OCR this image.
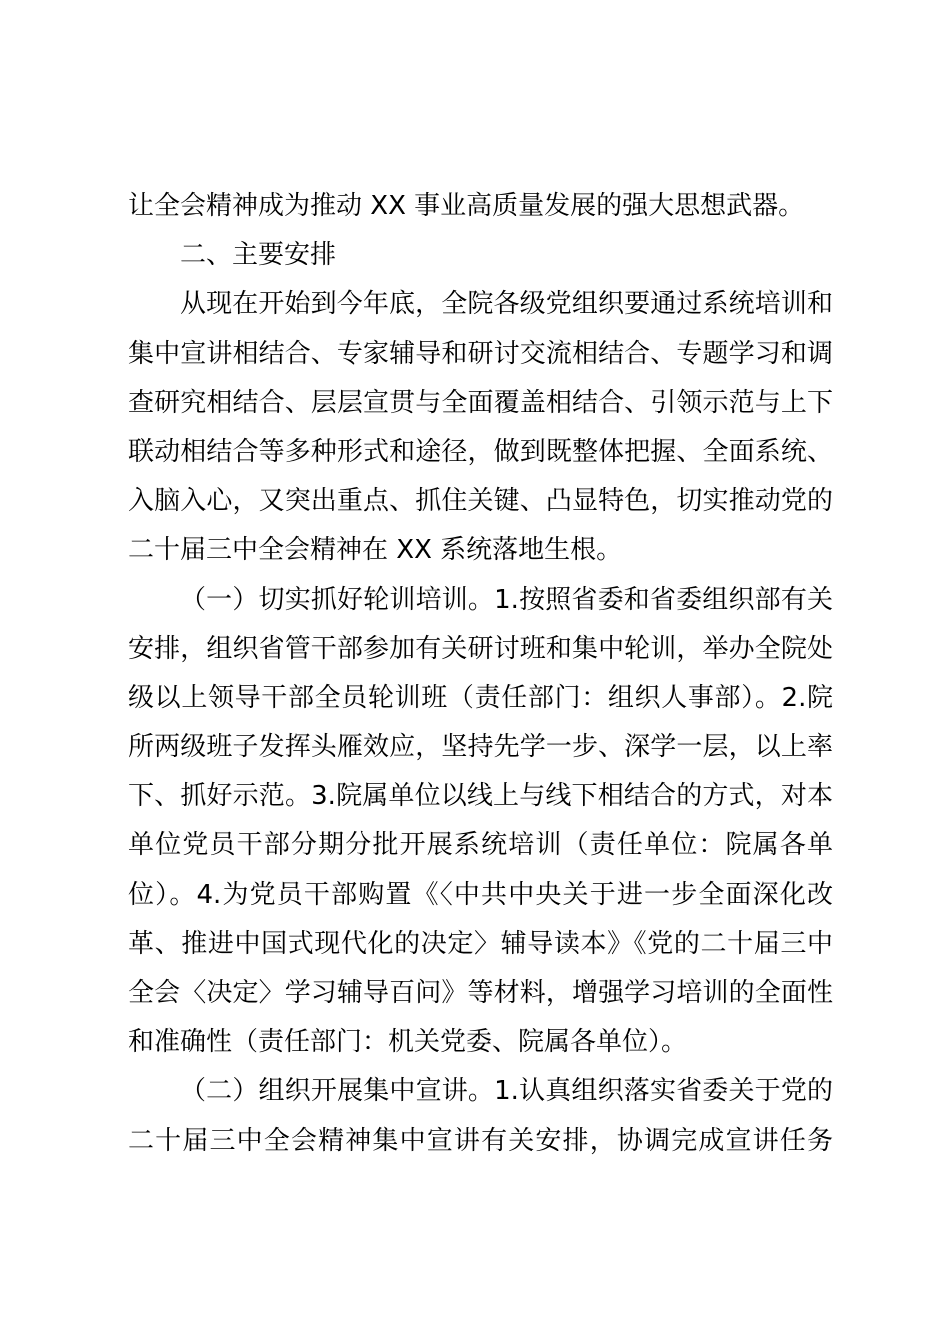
让全会精神成为推动 XX 事业高质量发展的强大思想武器。
二、主要安排
从现在开始到今年底，全院各级党组织要通过系统培训和
集中宣讲相结合、专家辅导和研讨交流相结合、专题学习和调
查研究相结合、层层宣贯与全面覆盖相结合、引领示范与上下
联动相结合等多种形式和途径，做到既整体把握、全面系统、
入脑入心，又突出重点、抓住关键、凸显特色，切实推动党的
二十届三中全会精神在 XX 系统落地生根。
（一）切实抓好轮训培训。1.按照省委和省委组织部有关
安排，组织省管干部参加有关研讨班和集中轮训，举办全院处
级以上领导干部全员轮训班（责任部门：组织人事部）。2.院
所两级班子发挥头雁效应，坚持先学一步、深学一层，以上率
下、抓好示范。3.院属单位以线上与线下相结合的方式，对本
单位党员干部分期分批开展系统培训（责任单位：院属各单
位）。4.为党员干部购置《〈中共中央关于进一步全面深化改
革、推进中国式现代化的决定〉辅导读本》《党的二十届三中
全会〈决定〉学习辅导百问》等材料，增强学习培训的全面性
和准确性（责任部门：机关党委、院属各单位）。
（二）组织开展集中宣讲。1.认真组织落实省委关于党的
二十届三中全会精神集中宣讲有关安排，协调完成宣讲任务
